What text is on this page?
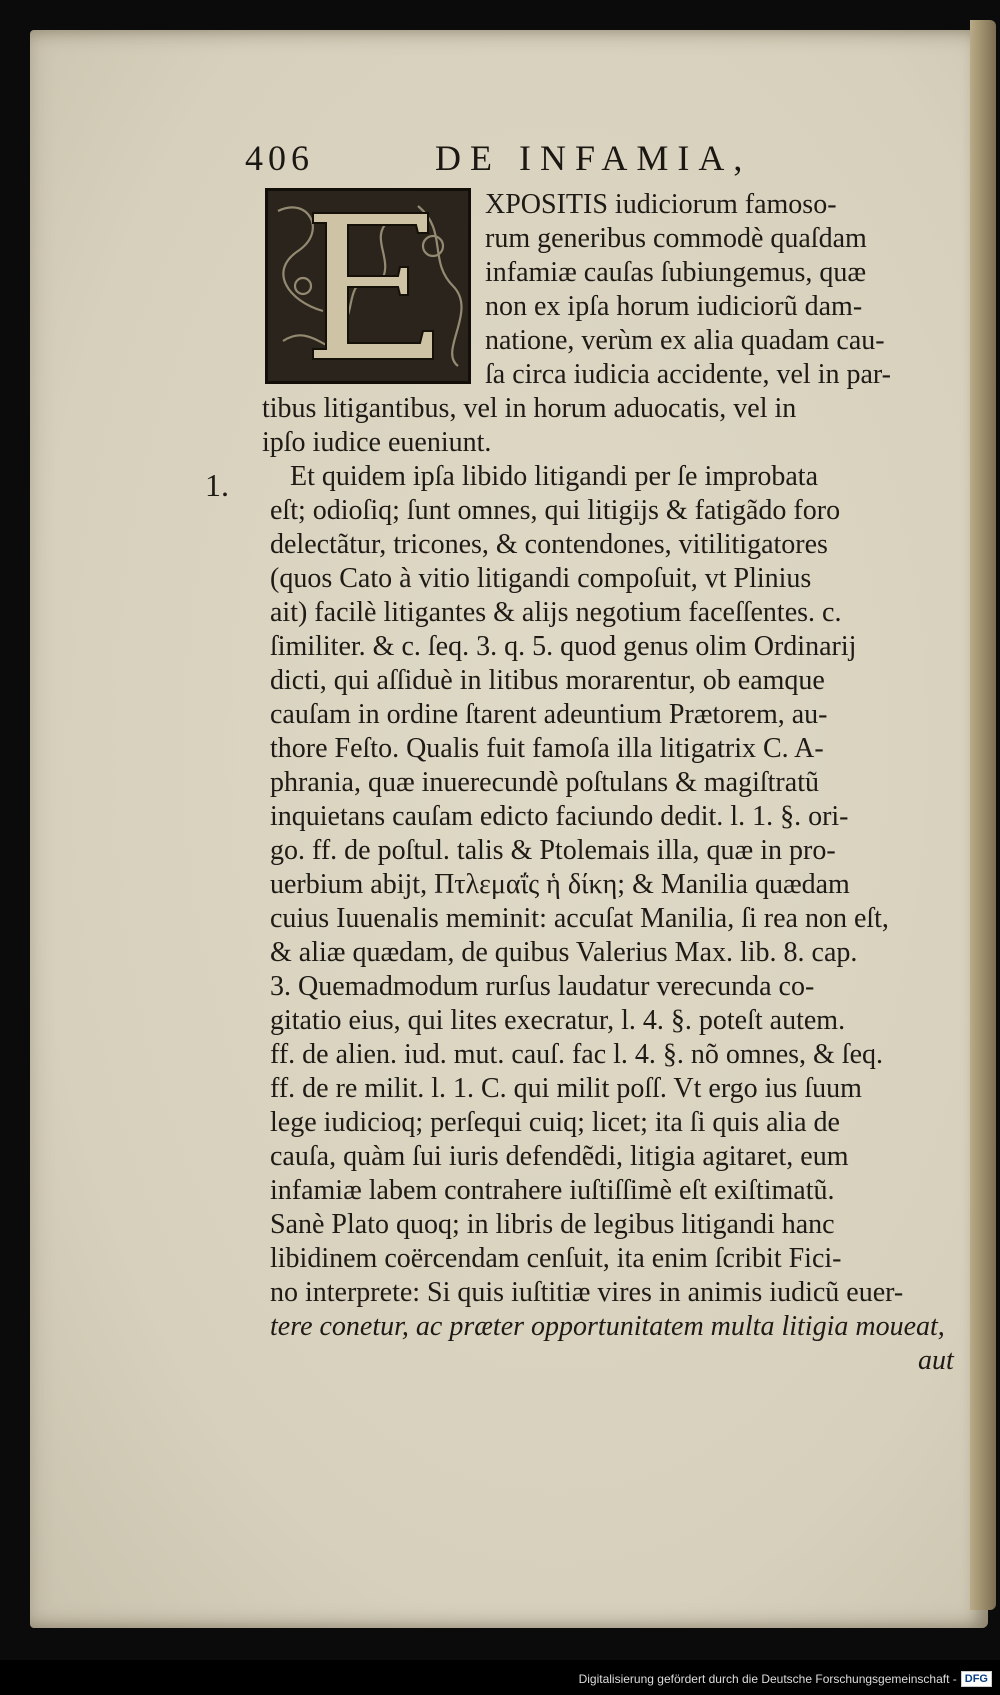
406	DE INFAMIA,
1.
XPOSITIS iudiciorum famoso-
rum generibus commodè quaſdam
infamiæ cauſas ſubiungemus, quæ
non ex ipſa horum iudiciorũ dam-
natione, verùm ex alia quadam cau-
ſa circa iudicia accidente, vel in par-
tibus litigantibus, vel in horum aduocatis, vel in
ipſo iudice eueniunt.
Et quidem ipſa libido litigandi per ſe improbata
eſt; odioſiq; ſunt omnes, qui litigijs & fatigãdo foro
delectãtur, tricones, & contendones, vitilitigatores
(quos Cato à vitio litigandi compoſuit, vt Plinius
ait) facilè litigantes & alijs negotium faceſſentes. c.
ſimiliter. & c. ſeq. 3. q. 5. quod genus olim Ordinarij
dicti, qui aſſiduè in litibus morarentur, ob eamque
cauſam in ordine ſtarent adeuntium Prætorem, au-
thore Feſto. Qualis fuit famoſa illa litigatrix C. A-
phrania, quæ inuerecundè poſtulans & magiſtratũ
inquietans cauſam edicto faciundo dedit. l. 1. §. ori-
go. ff. de poſtul. talis & Ptolemais illa, quæ in pro-
uerbium abijt, Πτλεμαΐς ἡ δίκη; & Manilia quædam
cuius Iuuenalis meminit: accuſat Manilia, ſi rea non eſt,
& aliæ quædam, de quibus Valerius Max. lib. 8. cap.
3. Quemadmodum rurſus laudatur verecunda co-
gitatio eius, qui lites execratur, l. 4. §. poteſt autem.
ff. de alien. iud. mut. cauſ. fac l. 4. §. nõ omnes, & ſeq.
ff. de re milit. l. 1. C. qui milit poſſ. Vt ergo ius ſuum
lege iudicioq; perſequi cuiq; licet; ita ſi quis alia de
cauſa, quàm ſui iuris defendẽdi, litigia agitaret, eum
infamiæ labem contrahere iuſtiſſimè eſt exiſtimatũ.
Sanè Plato quoq; in libris de legibus litigandi hanc
libidinem coërcendam cenſuit, ita enim ſcribit Fici-
no interprete: Si quis iuſtitiæ vires in animis iudicũ euer-
tere conetur, ac præter opportunitatem multa litigia moueat,
aut
Digitalisierung gefördert durch die Deutsche Forschungsgemeinschaft - DFG
